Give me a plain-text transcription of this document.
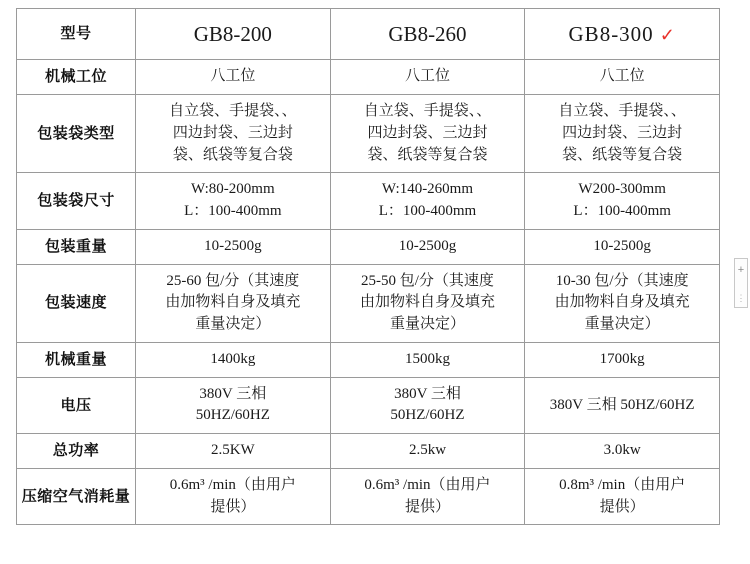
型号	GB8-200	GB8-260	GB8-300 ✓
机械工位	八工位	八工位	八工位

包装袋类型	自立袋、手提袋、、
四边封袋、三边封
袋、纸袋等复合袋	自立袋、手提袋、、
四边封袋、三边封
袋、纸袋等复合袋	自立袋、手提袋、、
四边封袋、三边封
袋、纸袋等复合袋

包装袋尺寸	W:80-200mm
L：100-400mm	W:140-260mm
L：100-400mm	W200-300mm
L：100-400mm

包装重量	10-2500g	10-2500g	10-2500g

包装速度	25-60 包/分（其速度
由加物料自身及填充
重量决定）	25-50 包/分（其速度
由加物料自身及填充
重量决定）	10-30 包/分（其速度
由加物料自身及填充
重量决定）

机械重量	1400kg	1500kg	1700kg

电压	380V 三相
50HZ/60HZ	380V 三相
50HZ/60HZ	380V 三相 50HZ/60HZ

总功率	2.5KW	2.5kw	3.0kw

压缩空气消耗量	0.6m³ /min（由用户
提供）	0.6m³ /min（由用户
提供）	0.8m³ /min（由用户
提供）
+
⋮
